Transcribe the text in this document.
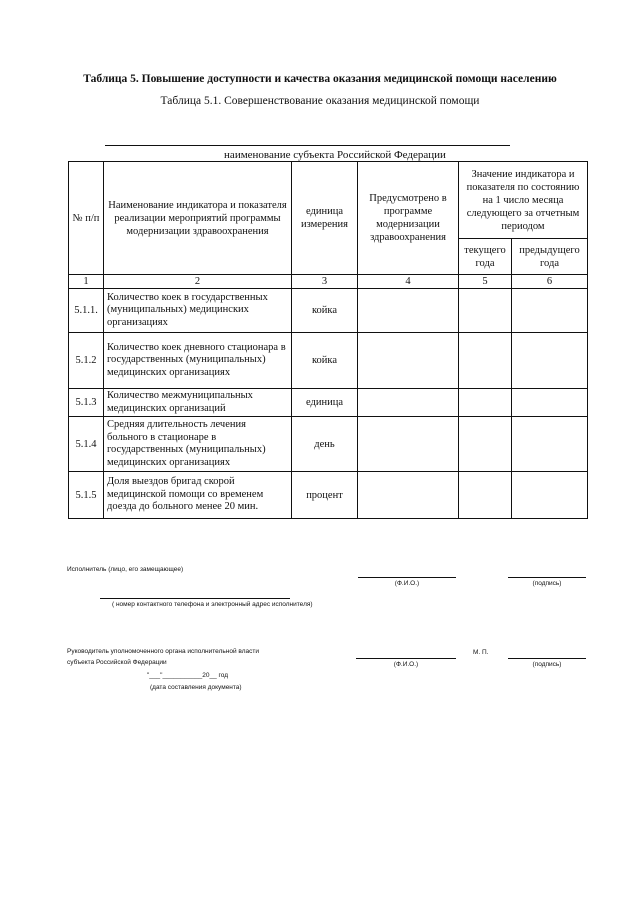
Таблица 5. Повышение доступности и качества оказания медицинской помощи населению
Таблица 5.1. Совершенствование оказания медицинской помощи
наименование субъекта Российской Федерации
№ п/п	Наименование индикатора и показателя реализации мероприятий программы модернизации здравоохранения	единица измерения	Предусмотрено в программе модернизации здравоохранения	Значение индикатора и показателя по состоянию на 1 число месяца следующего за отчетным периодом	
				текущего года	предыдущего года
1	2	3	4	5	6
5.1.1.	Количество коек в государственных (муниципальных) медицинских организациях	койка			
5.1.2	Количество коек дневного стационара в государственных (муниципальных) медицинских организациях	койка			
5.1.3	Количество межмуниципальных медицинских организаций	единица			
5.1.4	Средняя длительность лечения больного в стационаре в государственных (муниципальных) медицинских организациях	день			
5.1.5	Доля выездов бригад скорой медицинской помощи со временем доезда до больного менее 20 мин.	процент			
Исполнитель (лицо, его замещающее)
(Ф.И.О.)	(подпись)
( номер контактного телефона и электронный адрес исполнителя)
Руководитель уполномоченного органа исполнительной власти
субъекта Российской Федерации	(Ф.И.О.)
М. П.
(подпись)
"___"___________20__ год
(дата составления документа)
